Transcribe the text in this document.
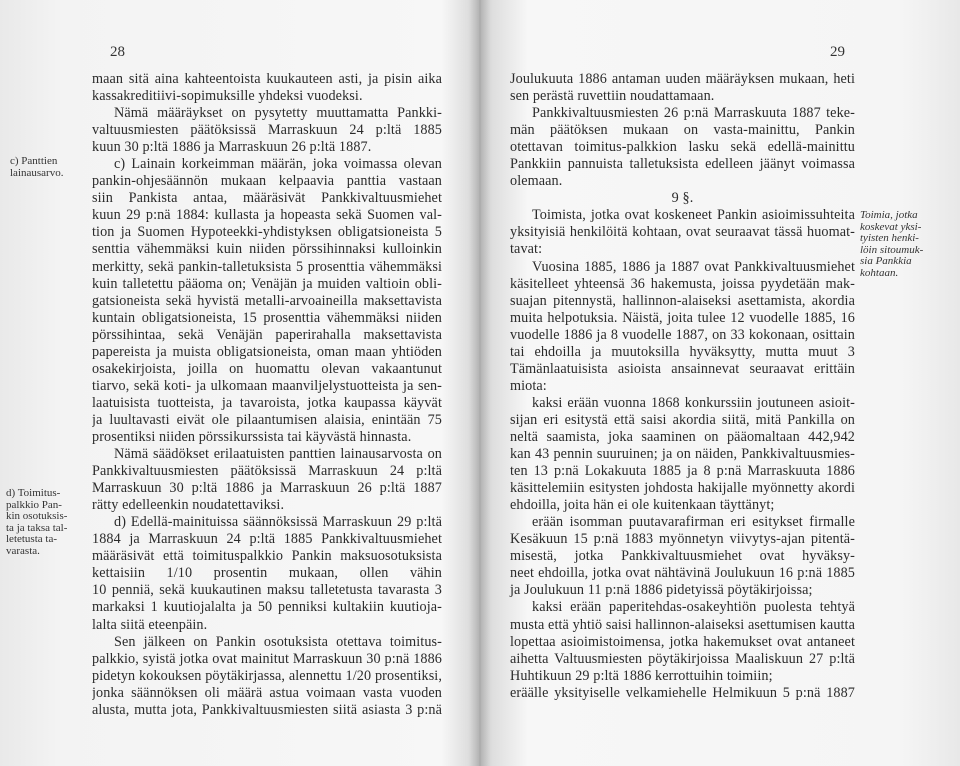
28
maan sitä aina kahteentoista kuukauteen asti, ja pisin aika
kassakreditiivi-sopimuksille yhdeksi vuodeksi.
Nämä määräykset on pysytetty muuttamatta Pankki-
valtuusmiesten päätöksissä Marraskuun 24 p:ltä 1885
kuun 30 p:ltä 1886 ja Marraskuun 26 p:ltä 1887.
c) Lainain korkeimman määrän, joka voimassa olevan
pankin-ohjesäännön mukaan kelpaavia panttia vastaan
siin Pankista antaa, määräsivät Pankkivaltuusmiehet
kuun 29 p:nä 1884: kullasta ja hopeasta sekä Suomen val-
tion ja Suomen Hypoteekki-yhdistyksen obligatsioneista 5
senttia vähemmäksi kuin niiden pörssihinnaksi kulloinkin
merkitty, sekä pankin-talletuksista 5 prosenttia vähemmäksi
kuin talletettu pääoma on; Venäjän ja muiden valtioin obli-
gatsioneista sekä hyvistä metalli-arvoaineilla maksettavista
kuntain obligatsioneista, 15 prosenttia vähemmäksi niiden
pörssihintaa, sekä Venäjän paperirahalla maksettavista
papereista ja muista obligatsioneista, oman maan yhtiöden
osakekirjoista, joilla on huomattu olevan vakaantunut
tiarvo, sekä koti- ja ulkomaan maanviljelystuotteista ja sen-
laatuisista tuotteista, ja tavaroista, jotka kaupassa käyvät
ja luultavasti eivät ole pilaantumisen alaisia, enintään 75
prosentiksi niiden pörssikurssista tai käyvästä hinnasta.
Nämä säädökset erilaatuisten panttien lainausarvosta on
Pankkivaltuusmiesten päätöksissä Marraskuun 24 p:ltä
Marraskuun 30 p:ltä 1886 ja Marraskuun 26 p:ltä 1887
rätty edelleenkin noudatettaviksi.
d) Edellä-mainituissa säännöksissä Marraskuun 29 p:ltä
1884 ja Marraskuun 24 p:ltä 1885 Pankkivaltuusmiehet
määräsivät että toimituspalkkio Pankin maksuosotuksista
kettaisiin 1/10 prosentin mukaan, ollen vähin
10 penniä, sekä kuukautinen maksu talletetusta tavarasta 3
markaksi 1 kuutiojalalta ja 50 penniksi kultakiin kuutioja-
lalta siitä eteenpäin.
Sen jälkeen on Pankin osotuksista otettava toimitus-
palkkio, syistä jotka ovat mainitut Marraskuun 30 p:nä 1886
pidetyn kokouksen pöytäkirjassa, alennettu 1/20 prosentiksi,
jonka säännöksen oli määrä astua voimaan vasta vuoden
alusta, mutta jota, Pankkivaltuusmiesten siitä asiasta 3 p:nä
c) Panttien
lainausarvo.
d) Toimitus-
palkkio Pan-
kin osotuksis-
ta ja taksa tal-
letetusta ta-
varasta.
29
Joulukuuta 1886 antaman uuden määräyksen mukaan, heti
sen perästä ruvettiin noudattamaan.
Pankkivaltuusmiesten 26 p:nä Marraskuuta 1887 teke-
män päätöksen mukaan on vasta-mainittu, Pankin
otettavan toimitus-palkkion lasku sekä edellä-mainittu
Pankkiin pannuista talletuksista edelleen jäänyt voimassa
olemaan.
9 §.
Toimista, jotka ovat koskeneet Pankin asioimissuhteita
yksityisiä henkilöitä kohtaan, ovat seuraavat tässä huomat-
tavat:
Vuosina 1885, 1886 ja 1887 ovat Pankkivaltuusmiehet
käsitelleet yhteensä 36 hakemusta, joissa pyydetään mak-
suajan pitennystä, hallinnon-alaiseksi asettamista, akordia
muita helpotuksia. Näistä, joita tulee 12 vuodelle 1885, 16
vuodelle 1886 ja 8 vuodelle 1887, on 33 kokonaan, osittain
tai ehdoilla ja muutoksilla hyväksytty, mutta muut 3
Tämänlaatuisista asioista ansainnevat seuraavat erittäin
miota:
kaksi erään vuonna 1868 konkurssiin joutuneen asioit-
sijan eri esitystä että saisi akordia siitä, mitä Pankilla on
neltä saamista, joka saaminen on pääomaltaan 442,942
kan 43 pennin suuruinen; ja on näiden, Pankkivaltuusmies-
ten 13 p:nä Lokakuuta 1885 ja 8 p:nä Marraskuuta 1886
käsittelemiin esitysten johdosta hakijalle myönnetty akordi
ehdoilla, joita hän ei ole kuitenkaan täyttänyt;
erään isomman puutavarafirman eri esitykset firmalle
Kesäkuun 15 p:nä 1883 myönnetyn viivytys-ajan pitentä-
misestä, jotka Pankkivaltuusmiehet ovat hyväksy-
neet ehdoilla, jotka ovat nähtävinä Joulukuun 16 p:nä 1885
ja Joulukuun 11 p:nä 1886 pidetyissä pöytäkirjoissa;
kaksi erään paperitehdas-osakeyhtiön puolesta tehtyä
musta että yhtiö saisi hallinnon-alaiseksi asettumisen kautta
lopettaa asioimistoimensa, jotka hakemukset ovat antaneet
aihetta Valtuusmiesten pöytäkirjoissa Maaliskuun 27 p:ltä
Huhtikuun 29 p:ltä 1886 kerrottuihin toimiin;
eräälle yksityiselle velkamiehelle Helmikuun 5 p:nä 1887
Toimia, jotka
koskevat yksi-
tyisten henki-
löin sitoumuk-
sia Pankkia
kohtaan.
